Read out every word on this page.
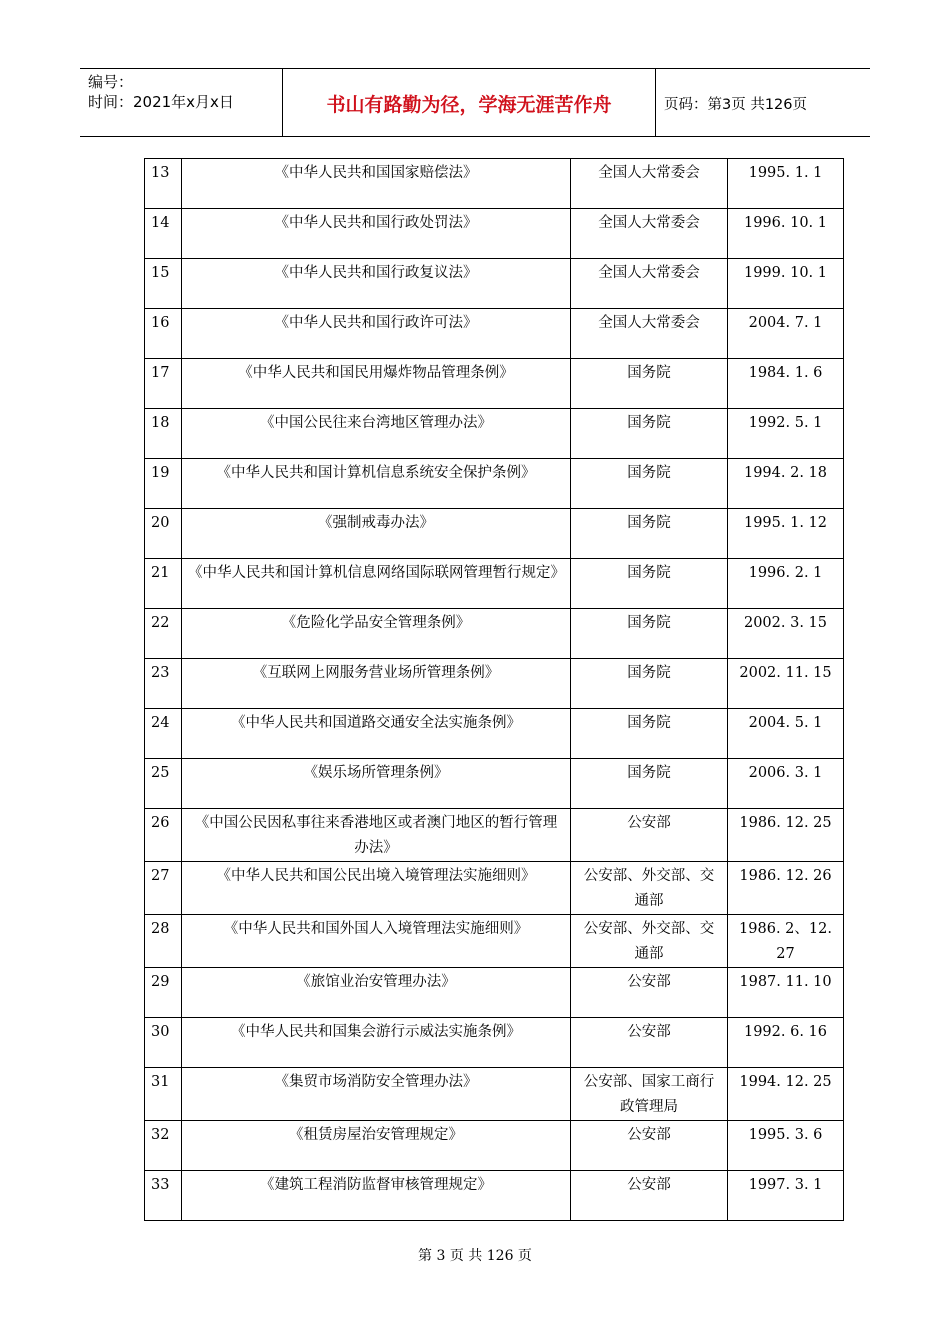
编号：
时间：2021年x月x日	书山有路勤为径，学海无涯苦作舟	页码：第3页 共126页
13	《中华人民共和国国家赔偿法》	全国人大常委会	1995. 1. 1
14	《中华人民共和国行政处罚法》	全国人大常委会	1996. 10. 1
15	《中华人民共和国行政复议法》	全国人大常委会	1999. 10. 1
16	《中华人民共和国行政许可法》	全国人大常委会	2004. 7. 1
17	《中华人民共和国民用爆炸物品管理条例》	国务院	1984. 1. 6
18	《中国公民往来台湾地区管理办法》	国务院	1992. 5. 1
19	《中华人民共和国计算机信息系统安全保护条例》	国务院	1994. 2. 18
20	《强制戒毒办法》	国务院	1995. 1. 12
21	《中华人民共和国计算机信息网络国际联网管理暂行规定》	国务院	1996. 2. 1
22	《危险化学品安全管理条例》	国务院	2002. 3. 15
23	《互联网上网服务营业场所管理条例》	国务院	2002. 11. 15
24	《中华人民共和国道路交通安全法实施条例》	国务院	2004. 5. 1
25	《娱乐场所管理条例》	国务院	2006. 3. 1
26	《中国公民因私事往来香港地区或者澳门地区的暂行管理办法》	公安部	1986. 12. 25
27	《中华人民共和国公民出境入境管理法实施细则》	公安部、外交部、交通部	1986. 12. 26
28	《中华人民共和国外国人入境管理法实施细则》	公安部、外交部、交通部	1986. 2、12. 27
29	《旅馆业治安管理办法》	公安部	1987. 11. 10
30	《中华人民共和国集会游行示威法实施条例》	公安部	1992. 6. 16
31	《集贸市场消防安全管理办法》	公安部、国家工商行政管理局	1994. 12. 25
32	《租赁房屋治安管理规定》	公安部	1995. 3. 6
33	《建筑工程消防监督审核管理规定》	公安部	1997. 3. 1
第 3 页 共 126 页
